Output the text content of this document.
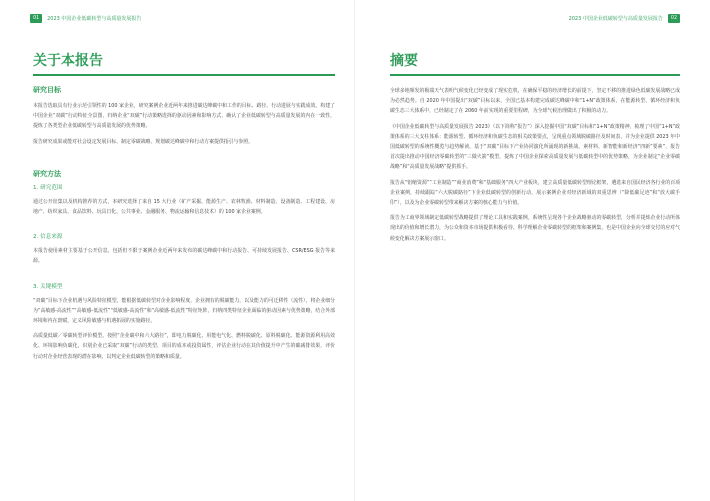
01	2023 中国企业低碳转型与高质量发展报告
关于本报告
研究目标

本报告选取具有行业示范引领性的 100 家企业，研究案例企业近两年来推进碳达峰碳中和工作的目标、路径、行动进展与实践成效。构建了中国企业“双碳”行动特征全景图，归纳企业“双碳”行动策略选择的驱动因素和影响方式，确认了企业低碳转型与高质量发展的内在一致性，提炼了各类型企业低碳转型与高质量发展的优势策略。

报告研究成果或能对社会设定发展目标、制定零碳战略、规划碳达峰碳中和行动方案提供指引与参照。

研究方法
1. 研究范围

通过公开征集以及机构推荐的方式，本研究选择了来自 15 大行业（矿产采掘、能源生产、农林牧渔、材料制造、设备制造、工程建设、房地产、纺织家具、食品饮料、玩具日化、公共事业、金融服务、物流运输和信息技术）的 100 家企业案例。

2. 信息来源

本报告使用素材主要基于公开信息，包括但不限于案例企业近两年来发布的碳达峰碳中和行动报告、可持续发展报告、CSR/ESG 报告等来源。

3. 关键模型

“双碳”目标下企业机遇与风险特征模型。能根据低碳转型对企业影响程度，企业拥有的脱碳能力，以及能力的可迁移性（流性），将企业细分为“高敏感-高流性”“高敏感-低流性”“低敏感-高流性”和“高敏感-低流性”特征矩阵，归纳四类特征企业面临的驱动因素与优势策略，结合外部环境和内在禀赋，定义风险敏感与机遇拓展的实施路径。

高质量低碳／零碳转型评价模型。按照“企业碳中和六大路径”，即电力脱碳化、用能电气化、燃料脱碳化、原料脱碳化、能源资源利用高效化、环境影响负碳化，识别企业已采取“双碳”行动的类型、项目的成本或投资属性，评估企业行动在其价值提升中产生的碳减排效果，评价行动对企业经营表现的潜在影响，以判定企业低碳转型的策略和质量。

2023 中国企业低碳转型与高质量发展报告	02
摘要

全球多地频发的极端天气表明气候变化已经变成了现实危机，在确保平稳的经济增长的前提下，坚定不移的推进绿色低碳发展战略已成为必然趋势。自 2020 年中国提出“双碳”目标以来，全国已基本构建完成碳达峰碳中和“1+N”政策体系，在能源转型、循环经济和负碳生态三大体系中，已经制定了在 2060 年前实现的重要里程碑，为全球气候治理做出了积极的动力。

《中国企业低碳转型与高质量发展报告 2023》（以下简称“报告”）深入挖掘中国“双碳”目标和“1+N”政策精神，梳理了中国“1+N”政策体系的三大支柱体系：能源转型、循环经济和负碳生态的相关政策要点，呈现重点领域脱碳路径及时间表，并为企业提供 2023 年中国低碳转型的系统性概览与趋势解读。基于“双碳”目标下产业协同演化所涌现的新挑战，素材料、新智能和新经济“四新”要素”，报告首次提出推动中国经济零碳转型的“三做火箭”模型，提炼了中国企业探索高质量发展与低碳转型中的优势策略，为企业制定“企业零碳战略”和“高质量发展战略”提供抓手。

报告从“铝缩资源”“工业制造”“商业消费”和“基础服务”四大产业板块，建立高质量低碳转型理论框架，遴选来自国民经济各行业的百项企业案例，持续跟踪“六大脱碳路径”下企业低碳转型的创新行动，展示案例企业对经济新域的双重思辨（“降低碳足迹”和“放大碳手印”），以及为企业零碳转型带来解决方案的核心能力与价值。

报告为工商界领域制定低碳转型战略提供了理论工具和实践案例。系统性呈现各个企业战略驱动的零碳转型，分析并提炼企业行动所体现出的价值和增长潜力，为公众和资本市场提供积极看待、科学理解企业零碳转型的框架和案例集，也是中国企业向全球交付的应对气候变化解决方案展示窗口。
